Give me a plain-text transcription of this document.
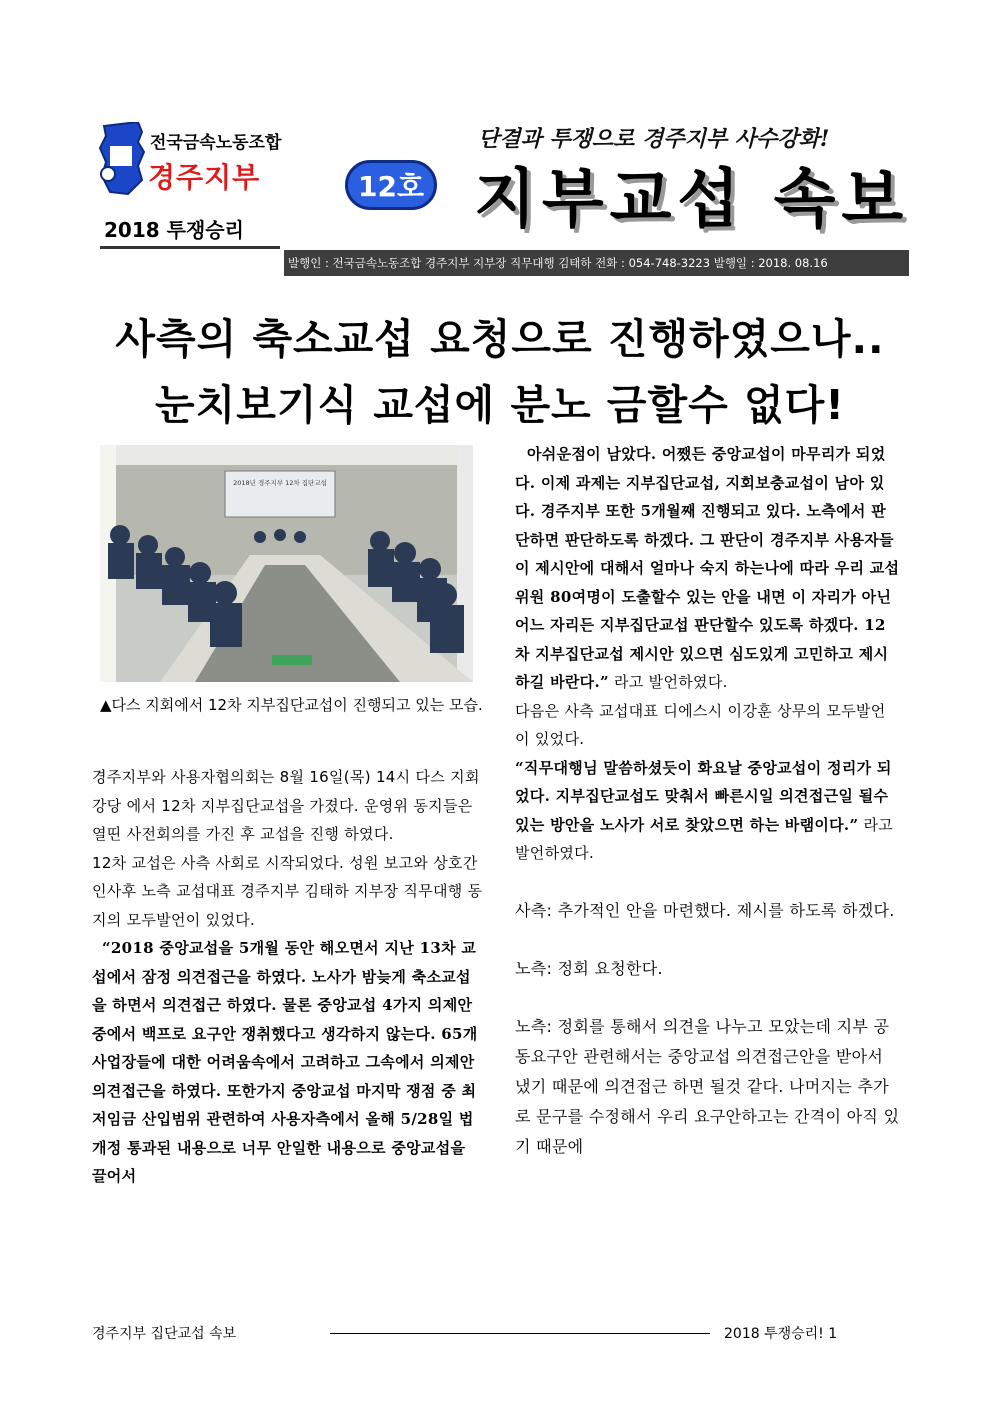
전국금속노동조합
경주지부
2018 투쟁승리
12호
단결과 투쟁으로 경주지부 사수강화!
지부교섭 속보
발행인 : 전국금속노동조합 경주지부 지부장 직무대행 김태하 전화 : 054-748-3223 발행일 : 2018. 08.16
사측의 축소교섭 요청으로 진행하였으나..
눈치보기식 교섭에 분노 금할수 없다!
2018년 경주지부 12차 집단교섭
▲다스 지회에서 12차 지부집단교섭이 진행되고 있는 모습.

경주지부와 사용자협의회는 8월 16일(목) 14시 다스 지회 강당 에서 12차 지부집단교섭을 가졌다. 운영위 동지들은 열띤 사전회의를 가진 후 교섭을 진행 하였다.

12차 교섭은 사측 사회로 시작되었다. 성원 보고와 상호간 인사후 노측 교섭대표 경주지부 김태하 지부장 직무대행 동지의 모두발언이 있었다.

“2018 중앙교섭을 5개월 동안 해오면서 지난 13차 교섭에서 잠정 의견접근을 하였다. 노사가 밤늦게 축소교섭을 하면서 의견접근 하였다. 물론 중앙교섭 4가지 의제안 중에서 백프로 요구안 쟁취했다고 생각하지 않는다. 65개 사업장들에 대한 어려움속에서 고려하고 그속에서 의제안 의견접근을 하였다. 또한가지 중앙교섭 마지막 쟁점 중 최저임금 산입범위 관련하여 사용자측에서 올해 5/28일 법개정 통과된 내용으로 너무 안일한 내용으로 중앙교섭을 끌어서

아쉬운점이 남았다. 어쨌든 중앙교섭이 마무리가 되었다. 이제 과제는 지부집단교섭, 지회보충교섭이 남아 있다. 경주지부 또한 5개월째 진행되고 있다. 노측에서 판단하면 판단하도록 하겠다. 그 판단이 경주지부 사용자들이 제시안에 대해서 얼마나 숙지 하는나에 따라 우리 교섭위원 80여명이 도출할수 있는 안을 내면 이 자리가 아닌 어느 자리든 지부집단교섭 판단할수 있도록 하겠다. 12차 지부집단교섭 제시안 있으면 심도있게 고민하고 제시 하길 바란다.” 라고 발언하였다.

다음은 사측 교섭대표 디에스시 이강훈 상무의 모두발언이 있었다.

“직무대행님 말씀하셨듯이 화요날 중앙교섭이 정리가 되었다. 지부집단교섭도 맞춰서 빠른시일 의견접근일 될수 있는 방안을 노사가 서로 찾았으면 하는 바램이다.” 라고 발언하였다.

사측: 추가적인 안을 마련했다. 제시를 하도록 하겠다.

노측: 정회 요청한다.

노측: 정회를 통해서 의견을 나누고 모았는데 지부 공동요구안 관련해서는 중앙교섭 의견접근안을 받아서 냈기 때문에 의견접근 하면 될것 같다. 나머지는 추가로 문구를 수정해서 우리 요구안하고는 간격이 아직 있기 때문에

경주지부 집단교섭 속보	2018 투쟁승리! 1
